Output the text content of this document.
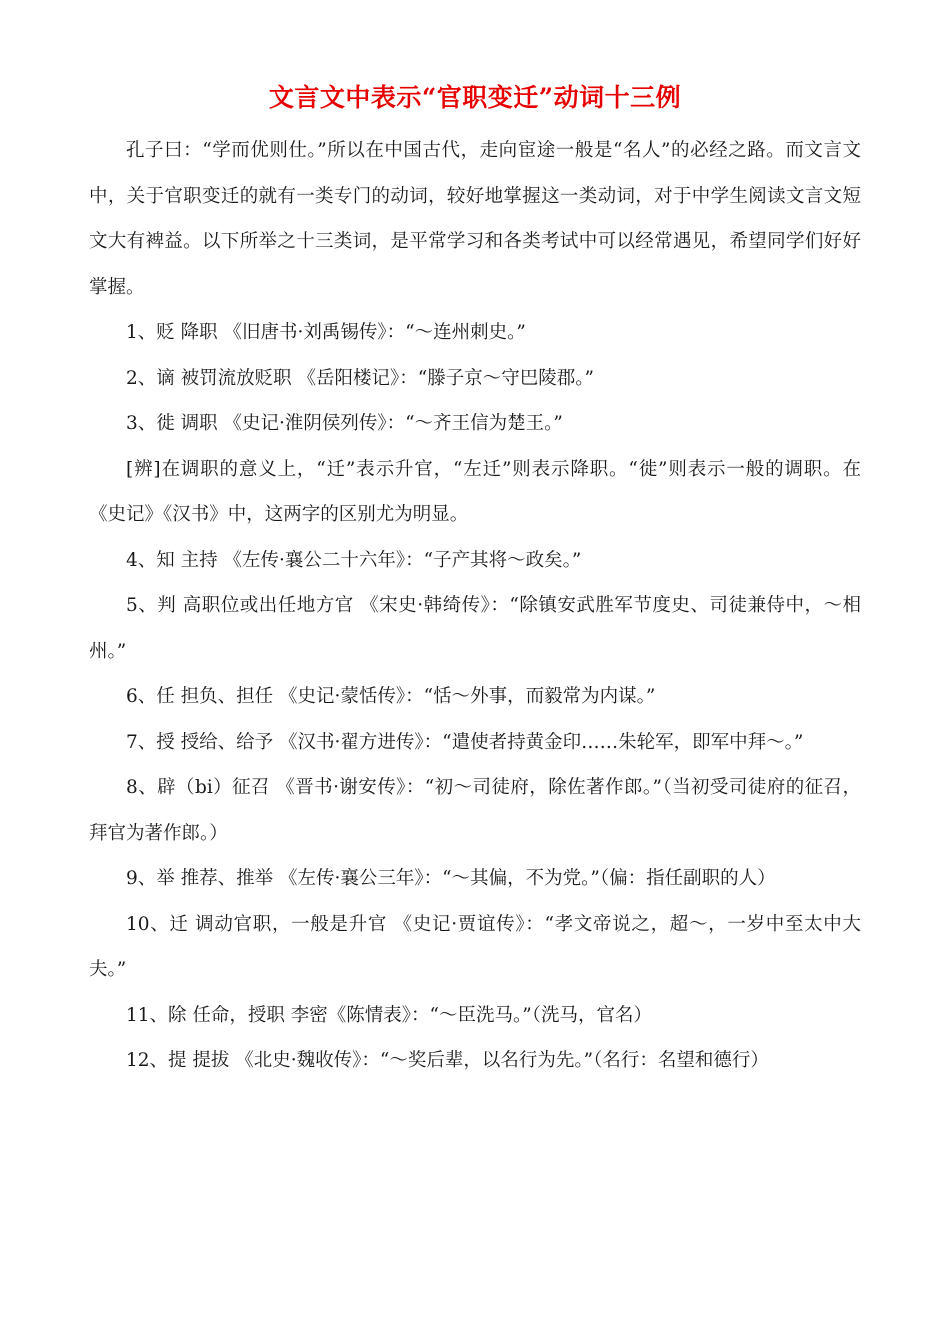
文言文中表示“官职变迁”动词十三例

孔子曰：“学而优则仕。”所以在中国古代，走向宦途一般是“名人”的必经之路。而文言文中，关于官职变迁的就有一类专门的动词，较好地掌握这一类动词，对于中学生阅读文言文短文大有裨益。以下所举之十三类词，是平常学习和各类考试中可以经常遇见，希望同学们好好掌握。

1、贬 降职 《旧唐书·刘禹锡传》：“～连州刺史。”

2、谪 被罚流放贬职 《岳阳楼记》：“滕子京～守巴陵郡。”

3、徙 调职 《史记·淮阴侯列传》：“～齐王信为楚王。”

[辨]在调职的意义上，“迁”表示升官，“左迁”则表示降职。“徙”则表示一般的调职。在《史记》《汉书》中，这两字的区别尤为明显。

4、知 主持 《左传·襄公二十六年》：“子产其将～政矣。”

5、判 高职位或出任地方官 《宋史·韩绮传》：“除镇安武胜军节度史、司徒兼侍中，～相州。”

6、任 担负、担任 《史记·蒙恬传》：“恬～外事，而毅常为内谋。”

7、授 授给、给予 《汉书·翟方进传》：“遣使者持黄金印……朱轮军，即军中拜～。”

8、辟（bi）征召 《晋书·谢安传》：“初～司徒府，除佐著作郎。”（当初受司徒府的征召，拜官为著作郎。）

9、举 推荐、推举 《左传·襄公三年》：“～其偏，不为党。”（偏：指任副职的人）

10、迁 调动官职，一般是升官 《史记·贾谊传》：“孝文帝说之，超～，一岁中至太中大夫。”

11、除 任命，授职 李密《陈情表》：“～臣洗马。”（洗马，官名）

12、提 提拔 《北史·魏收传》：“～奖后辈，以名行为先。”（名行：名望和德行）
